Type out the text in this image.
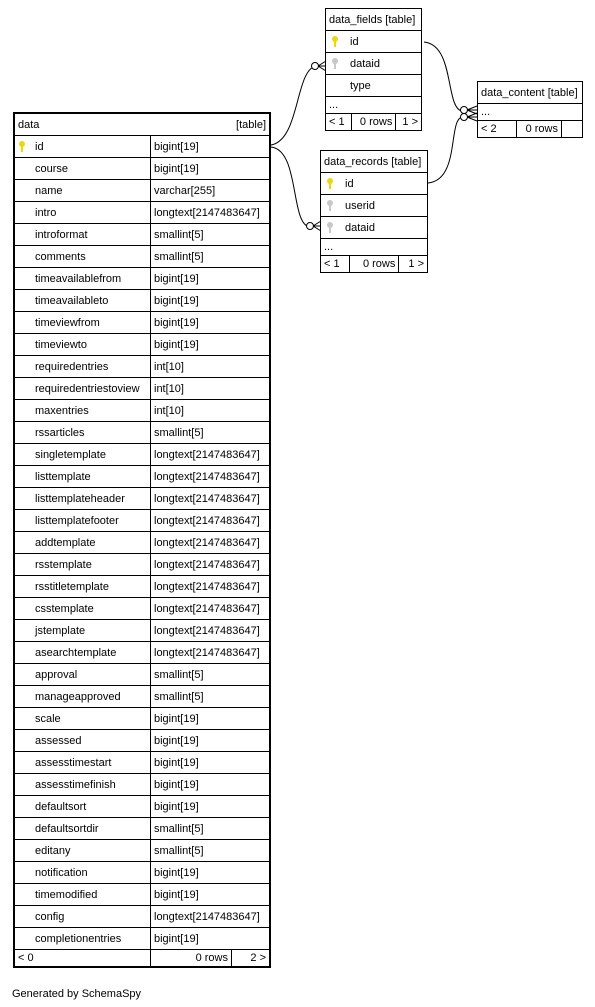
data		[table]	
	id	bigint[19]	
	course	bigint[19]	
	name	varchar[255]	
	intro	longtext[2147483647]	
	introformat	smallint[5]	
	comments	smallint[5]	
	timeavailablefrom	bigint[19]	
	timeavailableto	bigint[19]	
	timeviewfrom	bigint[19]	
	timeviewto	bigint[19]	
	requiredentries	int[10]	
	requiredentriestoview	int[10]	
	maxentries	int[10]	
	rssarticles	smallint[5]	
	singletemplate	longtext[2147483647]	
	listtemplate	longtext[2147483647]	
	listtemplateheader	longtext[2147483647]	
	listtemplatefooter	longtext[2147483647]	
	addtemplate	longtext[2147483647]	
	rsstemplate	longtext[2147483647]	
	rsstitletemplate	longtext[2147483647]	
	csstemplate	longtext[2147483647]	
	jstemplate	longtext[2147483647]	
	asearchtemplate	longtext[2147483647]	
	approval	smallint[5]	
	manageapproved	smallint[5]	
	scale	bigint[19]	
	assessed	bigint[19]	
	assesstimestart	bigint[19]	
	assesstimefinish	bigint[19]	
	defaultsort	bigint[19]	
	defaultsortdir	smallint[5]	
	editany	smallint[5]	
	notification	bigint[19]	
	timemodified	bigint[19]	
	config	longtext[2147483647]	
	completionentries	bigint[19]	
< 0		0 rows	2 >
data_fields [table]
id
dataid
type
...
< 1	0 rows	1 >
data_records [table]
id
userid
dataid
...
< 1	0 rows	1 >
data_content [table]
...
< 2	0 rows	
Generated by SchemaSpy
